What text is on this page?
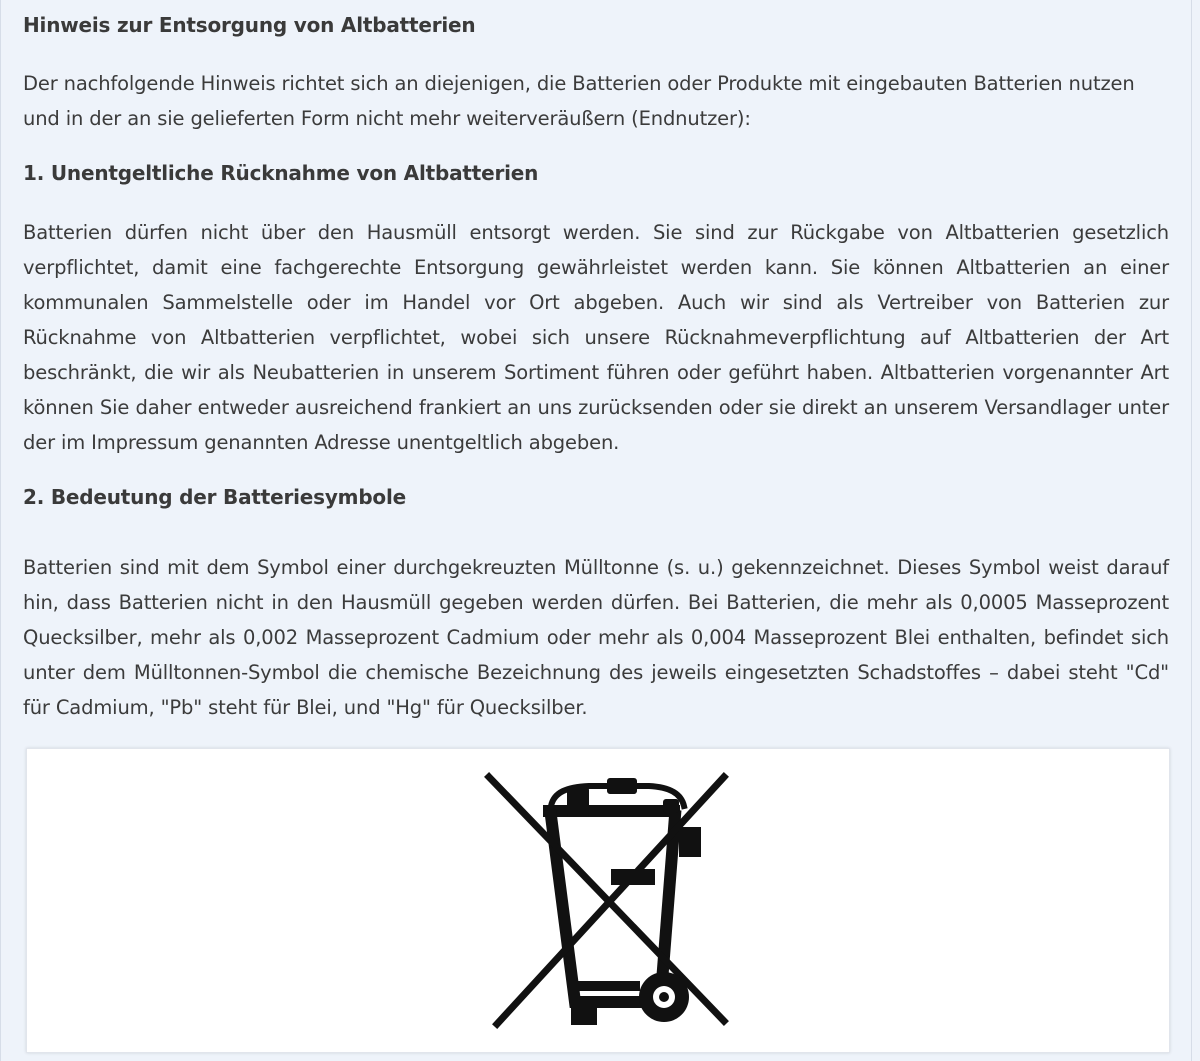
Hinweis zur Entsorgung von Altbatterien

Der nachfolgende Hinweis richtet sich an diejenigen, die Batterien oder Produkte mit eingebauten Batterien nutzen und in der an sie gelieferten Form nicht mehr weiterveräußern (Endnutzer):

1. Unentgeltliche Rücknahme von Altbatterien

Batterien dürfen nicht über den Hausmüll entsorgt werden. Sie sind zur Rückgabe von Altbatterien gesetzlich verpflichtet, damit eine fachgerechte Entsorgung gewährleistet werden kann. Sie können Altbatterien an einer kommunalen Sammelstelle oder im Handel vor Ort abgeben. Auch wir sind als Vertreiber von Batterien zur Rücknahme von Altbatterien verpflichtet, wobei sich unsere Rücknahmeverpflichtung auf Altbatterien der Art beschränkt, die wir als Neubatterien in unserem Sortiment führen oder geführt haben. Altbatterien vorgenannter Art können Sie daher entweder ausreichend frankiert an uns zurücksenden oder sie direkt an unserem Versandlager unter der im Impressum genannten Adresse unentgeltlich abgeben.

2. Bedeutung der Batteriesymbole

Batterien sind mit dem Symbol einer durchgekreuzten Mülltonne (s. u.) gekennzeichnet. Dieses Symbol weist darauf hin, dass Batterien nicht in den Hausmüll gegeben werden dürfen. Bei Batterien, die mehr als 0,0005 Masseprozent Quecksilber, mehr als 0,002 Masseprozent Cadmium oder mehr als 0,004 Masseprozent Blei enthalten, befindet sich unter dem Mülltonnen-Symbol die chemische Bezeichnung des jeweils eingesetzten Schadstoffes – dabei steht "Cd" für Cadmium, "Pb" steht für Blei, und "Hg" für Quecksilber.
